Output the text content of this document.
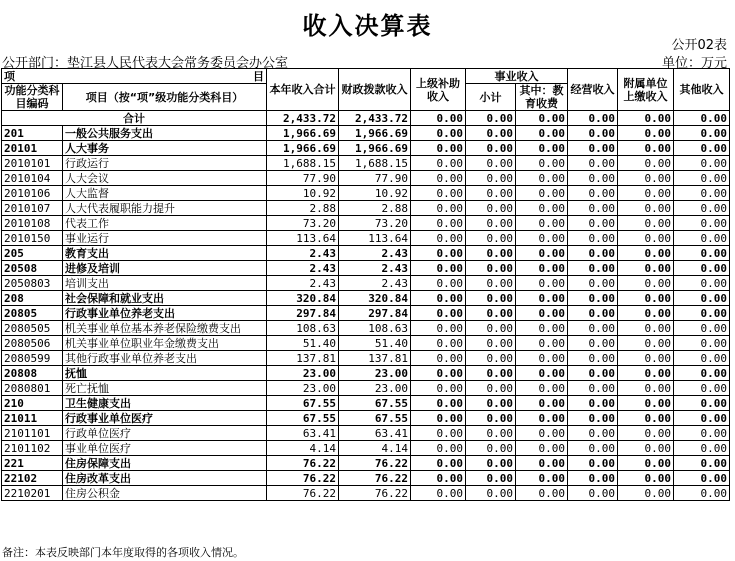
收入决算表
公开02表
公开部门：垫江县人民代表大会常务委员会办公室	单位：万元
项 目		本年收入合计	财政拨款收入	上级补助收入	事业收入		经营收入	附属单位上缴收入	其他收入
功能分类科目编码	项目（按“项”级功能分类科目）				小计	其中：教育收费			
合计		2,433.72	2,433.72	0.00	0.00	0.00	0.00	0.00	0.00
201	一般公共服务支出	1,966.69	1,966.69	0.00	0.00	0.00	0.00	0.00	0.00
20101	人大事务	1,966.69	1,966.69	0.00	0.00	0.00	0.00	0.00	0.00
2010101	行政运行	1,688.15	1,688.15	0.00	0.00	0.00	0.00	0.00	0.00
2010104	人大会议	77.90	77.90	0.00	0.00	0.00	0.00	0.00	0.00
2010106	人大监督	10.92	10.92	0.00	0.00	0.00	0.00	0.00	0.00
2010107	人大代表履职能力提升	2.88	2.88	0.00	0.00	0.00	0.00	0.00	0.00
2010108	代表工作	73.20	73.20	0.00	0.00	0.00	0.00	0.00	0.00
2010150	事业运行	113.64	113.64	0.00	0.00	0.00	0.00	0.00	0.00
205	教育支出	2.43	2.43	0.00	0.00	0.00	0.00	0.00	0.00
20508	进修及培训	2.43	2.43	0.00	0.00	0.00	0.00	0.00	0.00
2050803	培训支出	2.43	2.43	0.00	0.00	0.00	0.00	0.00	0.00
208	社会保障和就业支出	320.84	320.84	0.00	0.00	0.00	0.00	0.00	0.00
20805	行政事业单位养老支出	297.84	297.84	0.00	0.00	0.00	0.00	0.00	0.00
2080505	机关事业单位基本养老保险缴费支出	108.63	108.63	0.00	0.00	0.00	0.00	0.00	0.00
2080506	机关事业单位职业年金缴费支出	51.40	51.40	0.00	0.00	0.00	0.00	0.00	0.00
2080599	其他行政事业单位养老支出	137.81	137.81	0.00	0.00	0.00	0.00	0.00	0.00
20808	抚恤	23.00	23.00	0.00	0.00	0.00	0.00	0.00	0.00
2080801	死亡抚恤	23.00	23.00	0.00	0.00	0.00	0.00	0.00	0.00
210	卫生健康支出	67.55	67.55	0.00	0.00	0.00	0.00	0.00	0.00
21011	行政事业单位医疗	67.55	67.55	0.00	0.00	0.00	0.00	0.00	0.00
2101101	行政单位医疗	63.41	63.41	0.00	0.00	0.00	0.00	0.00	0.00
2101102	事业单位医疗	4.14	4.14	0.00	0.00	0.00	0.00	0.00	0.00
221	住房保障支出	76.22	76.22	0.00	0.00	0.00	0.00	0.00	0.00
22102	住房改革支出	76.22	76.22	0.00	0.00	0.00	0.00	0.00	0.00
2210201	住房公积金	76.22	76.22	0.00	0.00	0.00	0.00	0.00	0.00
备注：本表反映部门本年度取得的各项收入情况。
